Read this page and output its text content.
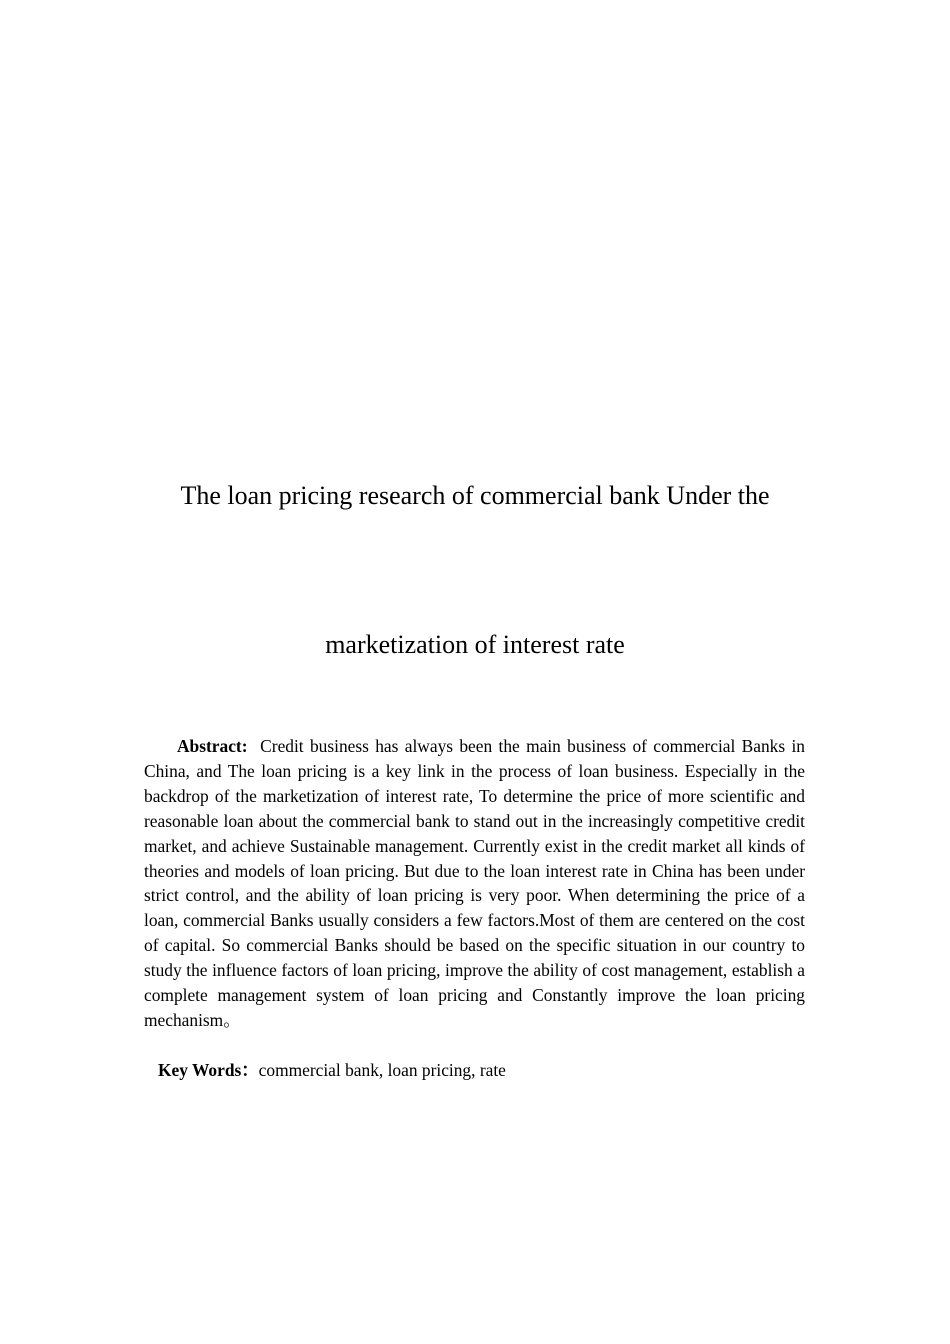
The loan pricing research of commercial bank Under the
marketization of interest rate

Abstract: Credit business has always been the main business of commercial Banks in China, and The loan pricing is a key link in the process of loan business. Especially in the backdrop of the marketization of interest rate, To determine the price of more scientific and reasonable loan about the commercial bank to stand out in the increasingly competitive credit market, and achieve Sustainable management. Currently exist in the credit market all kinds of theories and models of loan pricing. But due to the loan interest rate in China has been under strict control, and the ability of loan pricing is very poor. When determining the price of a loan, commercial Banks usually considers a few factors.Most of them are centered on the cost of capital. So commercial Banks should be based on the specific situation in our country to study the influence factors of loan pricing, improve the ability of cost management, establish a complete management system of loan pricing and Constantly improve the loan pricing mechanism。

Key Words：commercial bank, loan pricing, rate
